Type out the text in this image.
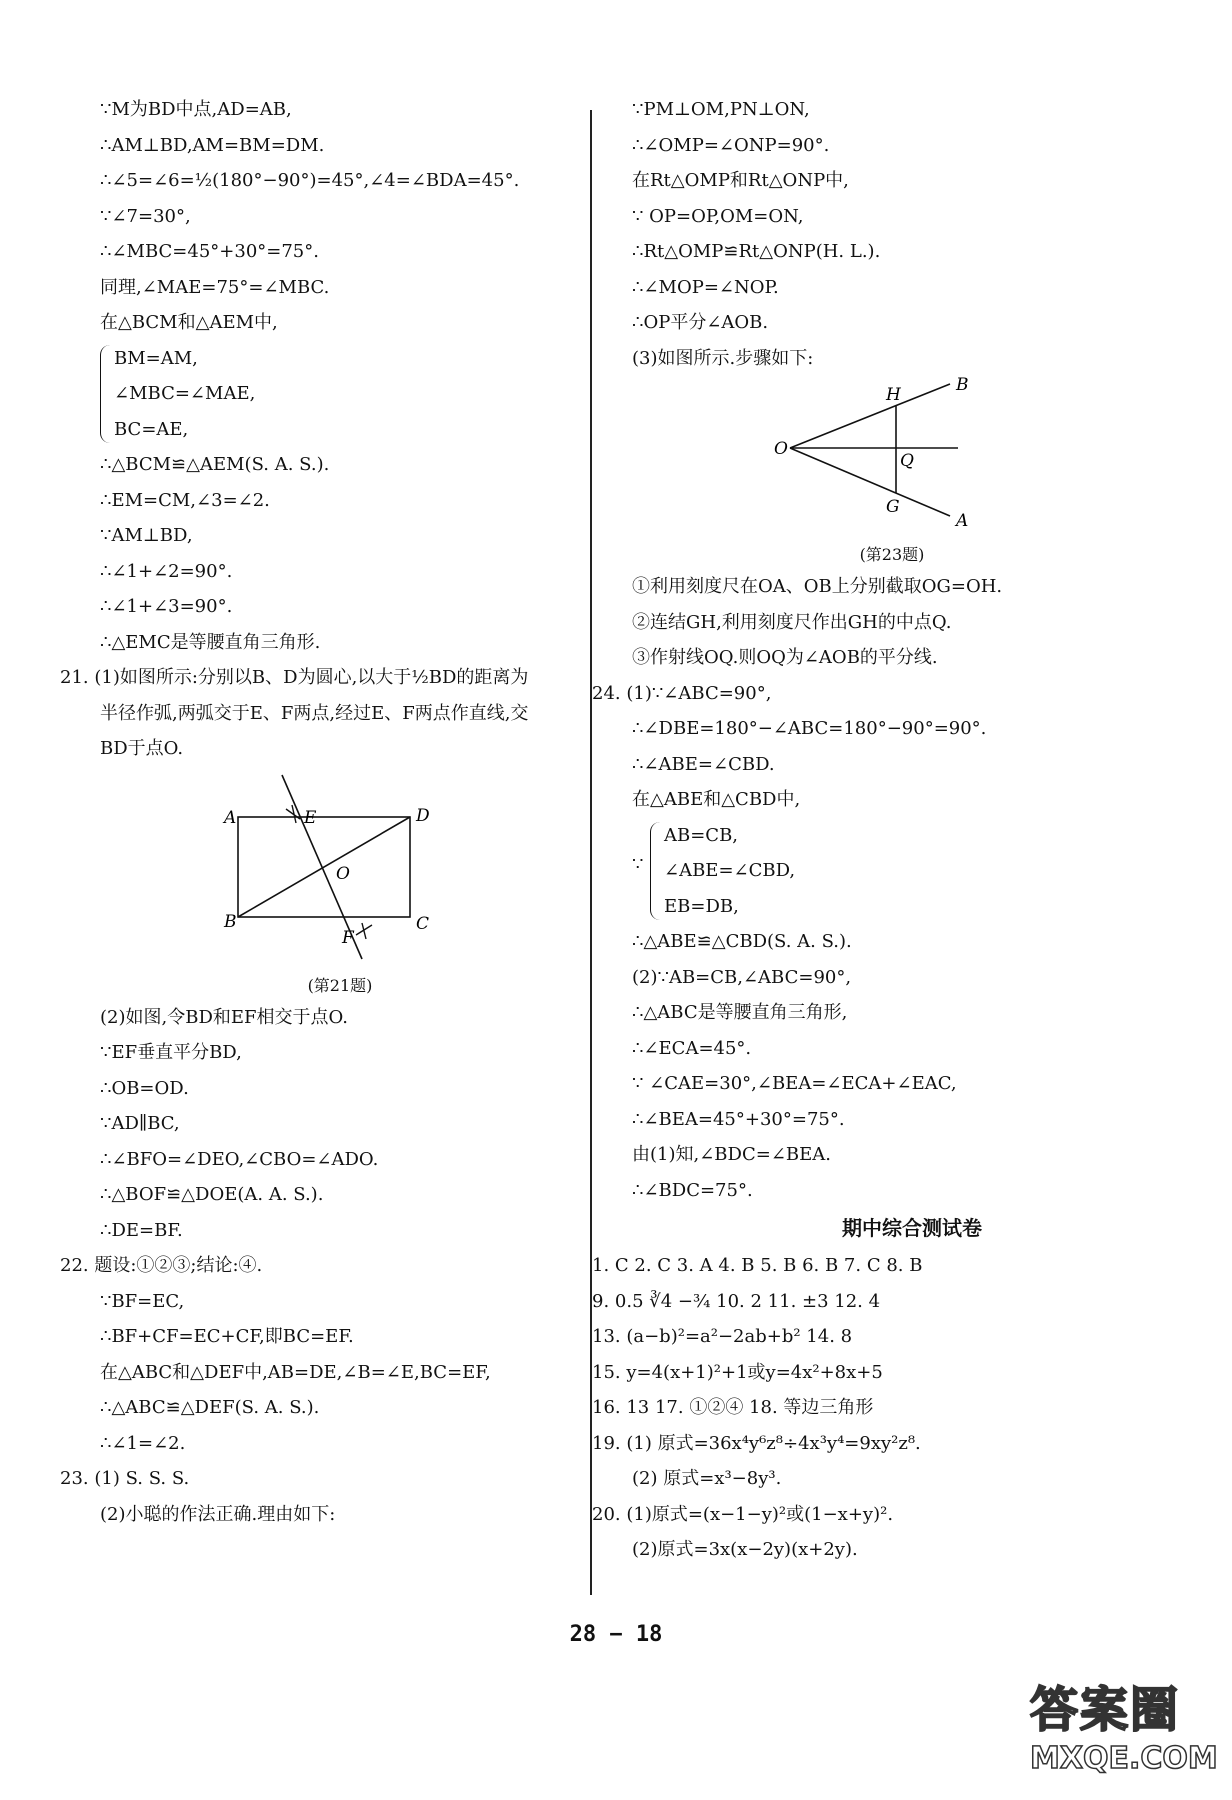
∵M为BD中点,AD=AB,
∴AM⊥BD,AM=BM=DM.
∴∠5=∠6=½(180°−90°)=45°,∠4=∠BDA=45°.
∵∠7=30°,
∴∠MBC=45°+30°=75°.
同理,∠MAE=75°=∠MBC.
在△BCM和△AEM中,
BM=AM,
∠MBC=∠MAE,
BC=AE,
∴△BCM≌△AEM(S. A. S.).
∴EM=CM,∠3=∠2.
∵AM⊥BD,
∴∠1+∠2=90°.
∴∠1+∠3=90°.
∴△EMC是等腰直角三角形.
21. (1)如图所示:分别以B、D为圆心,以大于½BD的距离为
半径作弧,两弧交于E、F两点,经过E、F两点作直线,交
BD于点O.
A	D
B	C
E
F
O
(第21题)
(2)如图,令BD和EF相交于点O.
∵EF垂直平分BD,
∴OB=OD.
∵AD∥BC,
∴∠BFO=∠DEO,∠CBO=∠ADO.
∴△BOF≌△DOE(A. A. S.).
∴DE=BF.
22. 题设:①②③;结论:④.
∵BF=EC,
∴BF+CF=EC+CF,即BC=EF.
在△ABC和△DEF中,AB=DE,∠B=∠E,BC=EF,
∴△ABC≌△DEF(S. A. S.).
∴∠1=∠2.
23. (1) S. S. S.
(2)小聪的作法正确.理由如下:
∵PM⊥OM,PN⊥ON,
∴∠OMP=∠ONP=90°.
在Rt△OMP和Rt△ONP中,
∵ OP=OP,OM=ON,
∴Rt△OMP≌Rt△ONP(H. L.).
∴∠MOP=∠NOP.
∴OP平分∠AOB.
(3)如图所示.步骤如下:
O
H	B
Q
G
A
(第23题)
①利用刻度尺在OA、OB上分别截取OG=OH.
②连结GH,利用刻度尺作出GH的中点Q.
③作射线OQ.则OQ为∠AOB的平分线.
24. (1)∵∠ABC=90°,
∴∠DBE=180°−∠ABC=180°−90°=90°.
∴∠ABE=∠CBD.
在△ABE和△CBD中,
∵
AB=CB,
∠ABE=∠CBD,
EB=DB,
∴△ABE≌△CBD(S. A. S.).
(2)∵AB=CB,∠ABC=90°,
∴△ABC是等腰直角三角形,
∴∠ECA=45°.
∵ ∠CAE=30°,∠BEA=∠ECA+∠EAC,
∴∠BEA=45°+30°=75°.
由(1)知,∠BDC=∠BEA.
∴∠BDC=75°.
期中综合测试卷
1. C 2. C 3. A 4. B 5. B 6. B 7. C 8. B
9. 0.5 ∛4 −¾ 10. 2 11. ±3 12. 4
13. (a−b)²=a²−2ab+b² 14. 8
15. y=4(x+1)²+1或y=4x²+8x+5
16. 13 17. ①②④ 18. 等边三角形
19. (1) 原式=36x⁴y⁶z⁸÷4x³y⁴=9xy²z⁸.
(2) 原式=x³−8y³.
20. (1)原式=(x−1−y)²或(1−x+y)².
(2)原式=3x(x−2y)(x+2y).
28 − 18
答案圈
MXQE.COM
